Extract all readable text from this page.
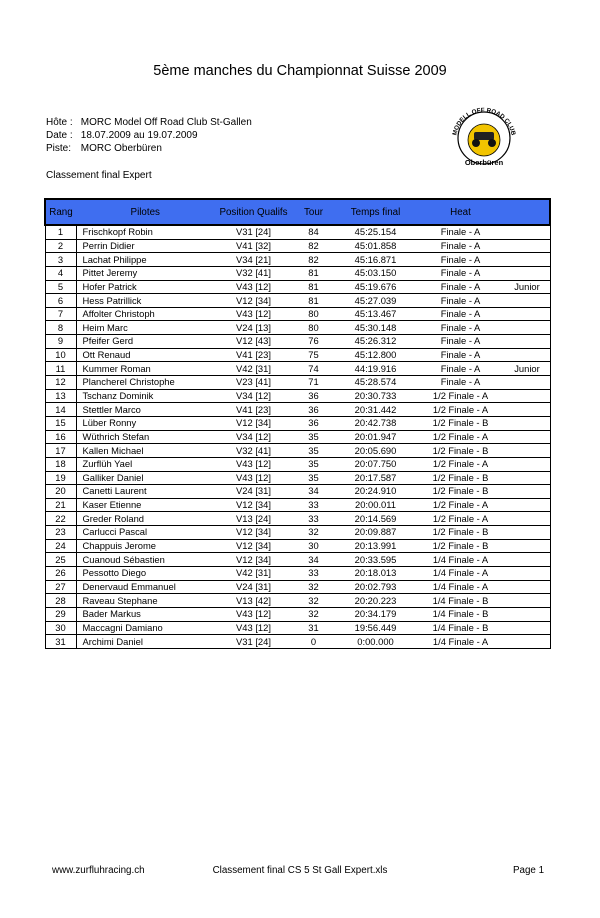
5ème manches du Championnat Suisse 2009
Hôte : MORC Model Off Road Club St-Gallen
Date : 18.07.2009 au 19.07.2009
Piste: MORC Oberbüren
MODELL OFF ROAD CLUB
Oberbüren
Classement final Expert
Rang	Pilotes	Position Qualifs	Tour	Temps final	Heat	
1	Frischkopf Robin	V31 [24]	84	45:25.154	Finale - A	
2	Perrin Didier	V41 [32]	82	45:01.858	Finale - A	
3	Lachat Philippe	V34 [21]	82	45:16.871	Finale - A	
4	Pittet Jeremy	V32 [41]	81	45:03.150	Finale - A	
5	Hofer Patrick	V43 [12]	81	45:19.676	Finale - A	Junior
6	Hess Patrillick	V12 [34]	81	45:27.039	Finale - A	
7	Affolter Christoph	V43 [12]	80	45:13.467	Finale - A	
8	Heim Marc	V24 [13]	80	45:30.148	Finale - A	
9	Pfeifer Gerd	V12 [43]	76	45:26.312	Finale - A	
10	Ott Renaud	V41 [23]	75	45:12.800	Finale - A	
11	Kummer Roman	V42 [31]	74	44:19.916	Finale - A	Junior
12	Plancherel Christophe	V23 [41]	71	45:28.574	Finale - A	
13	Tschanz Dominik	V34 [12]	36	20:30.733	1/2 Finale - A	
14	Stettler Marco	V41 [23]	36	20:31.442	1/2 Finale - A	
15	Lüber Ronny	V12 [34]	36	20:42.738	1/2 Finale - B	
16	Wüthrich Stefan	V34 [12]	35	20:01.947	1/2 Finale - A	
17	Kallen Michael	V32 [41]	35	20:05.690	1/2 Finale - B	
18	Zurflüh Yael	V43 [12]	35	20:07.750	1/2 Finale - A	
19	Galliker Daniel	V43 [12]	35	20:17.587	1/2 Finale - B	
20	Canetti Laurent	V24 [31]	34	20:24.910	1/2 Finale - B	
21	Kaser Etienne	V12 [34]	33	20:00.011	1/2 Finale - A	
22	Greder Roland	V13 [24]	33	20:14.569	1/2 Finale - A	
23	Carlucci Pascal	V12 [34]	32	20:09.887	1/2 Finale - B	
24	Chappuis Jerome	V12 [34]	30	20:13.991	1/2 Finale - B	
25	Cuanoud Sébastien	V12 [34]	34	20:33.595	1/4 Finale - A	
26	Pessotto Diego	V42 [31]	33	20:18.013	1/4 Finale - A	
27	Denervaud Emmanuel	V24 [31]	32	20:02.793	1/4 Finale - A	
28	Raveau Stephane	V13 [42]	32	20:20.223	1/4 Finale - B	
29	Bader Markus	V43 [12]	32	20:34.179	1/4 Finale - B	
30	Maccagni Damiano	V43 [12]	31	19:56.449	1/4 Finale - B	
31	Archimi Daniel	V31 [24]	0	0:00.000	1/4 Finale - A	
www.zurfluhracing.ch	Classement final CS 5 St Gall Expert.xls	Page 1
